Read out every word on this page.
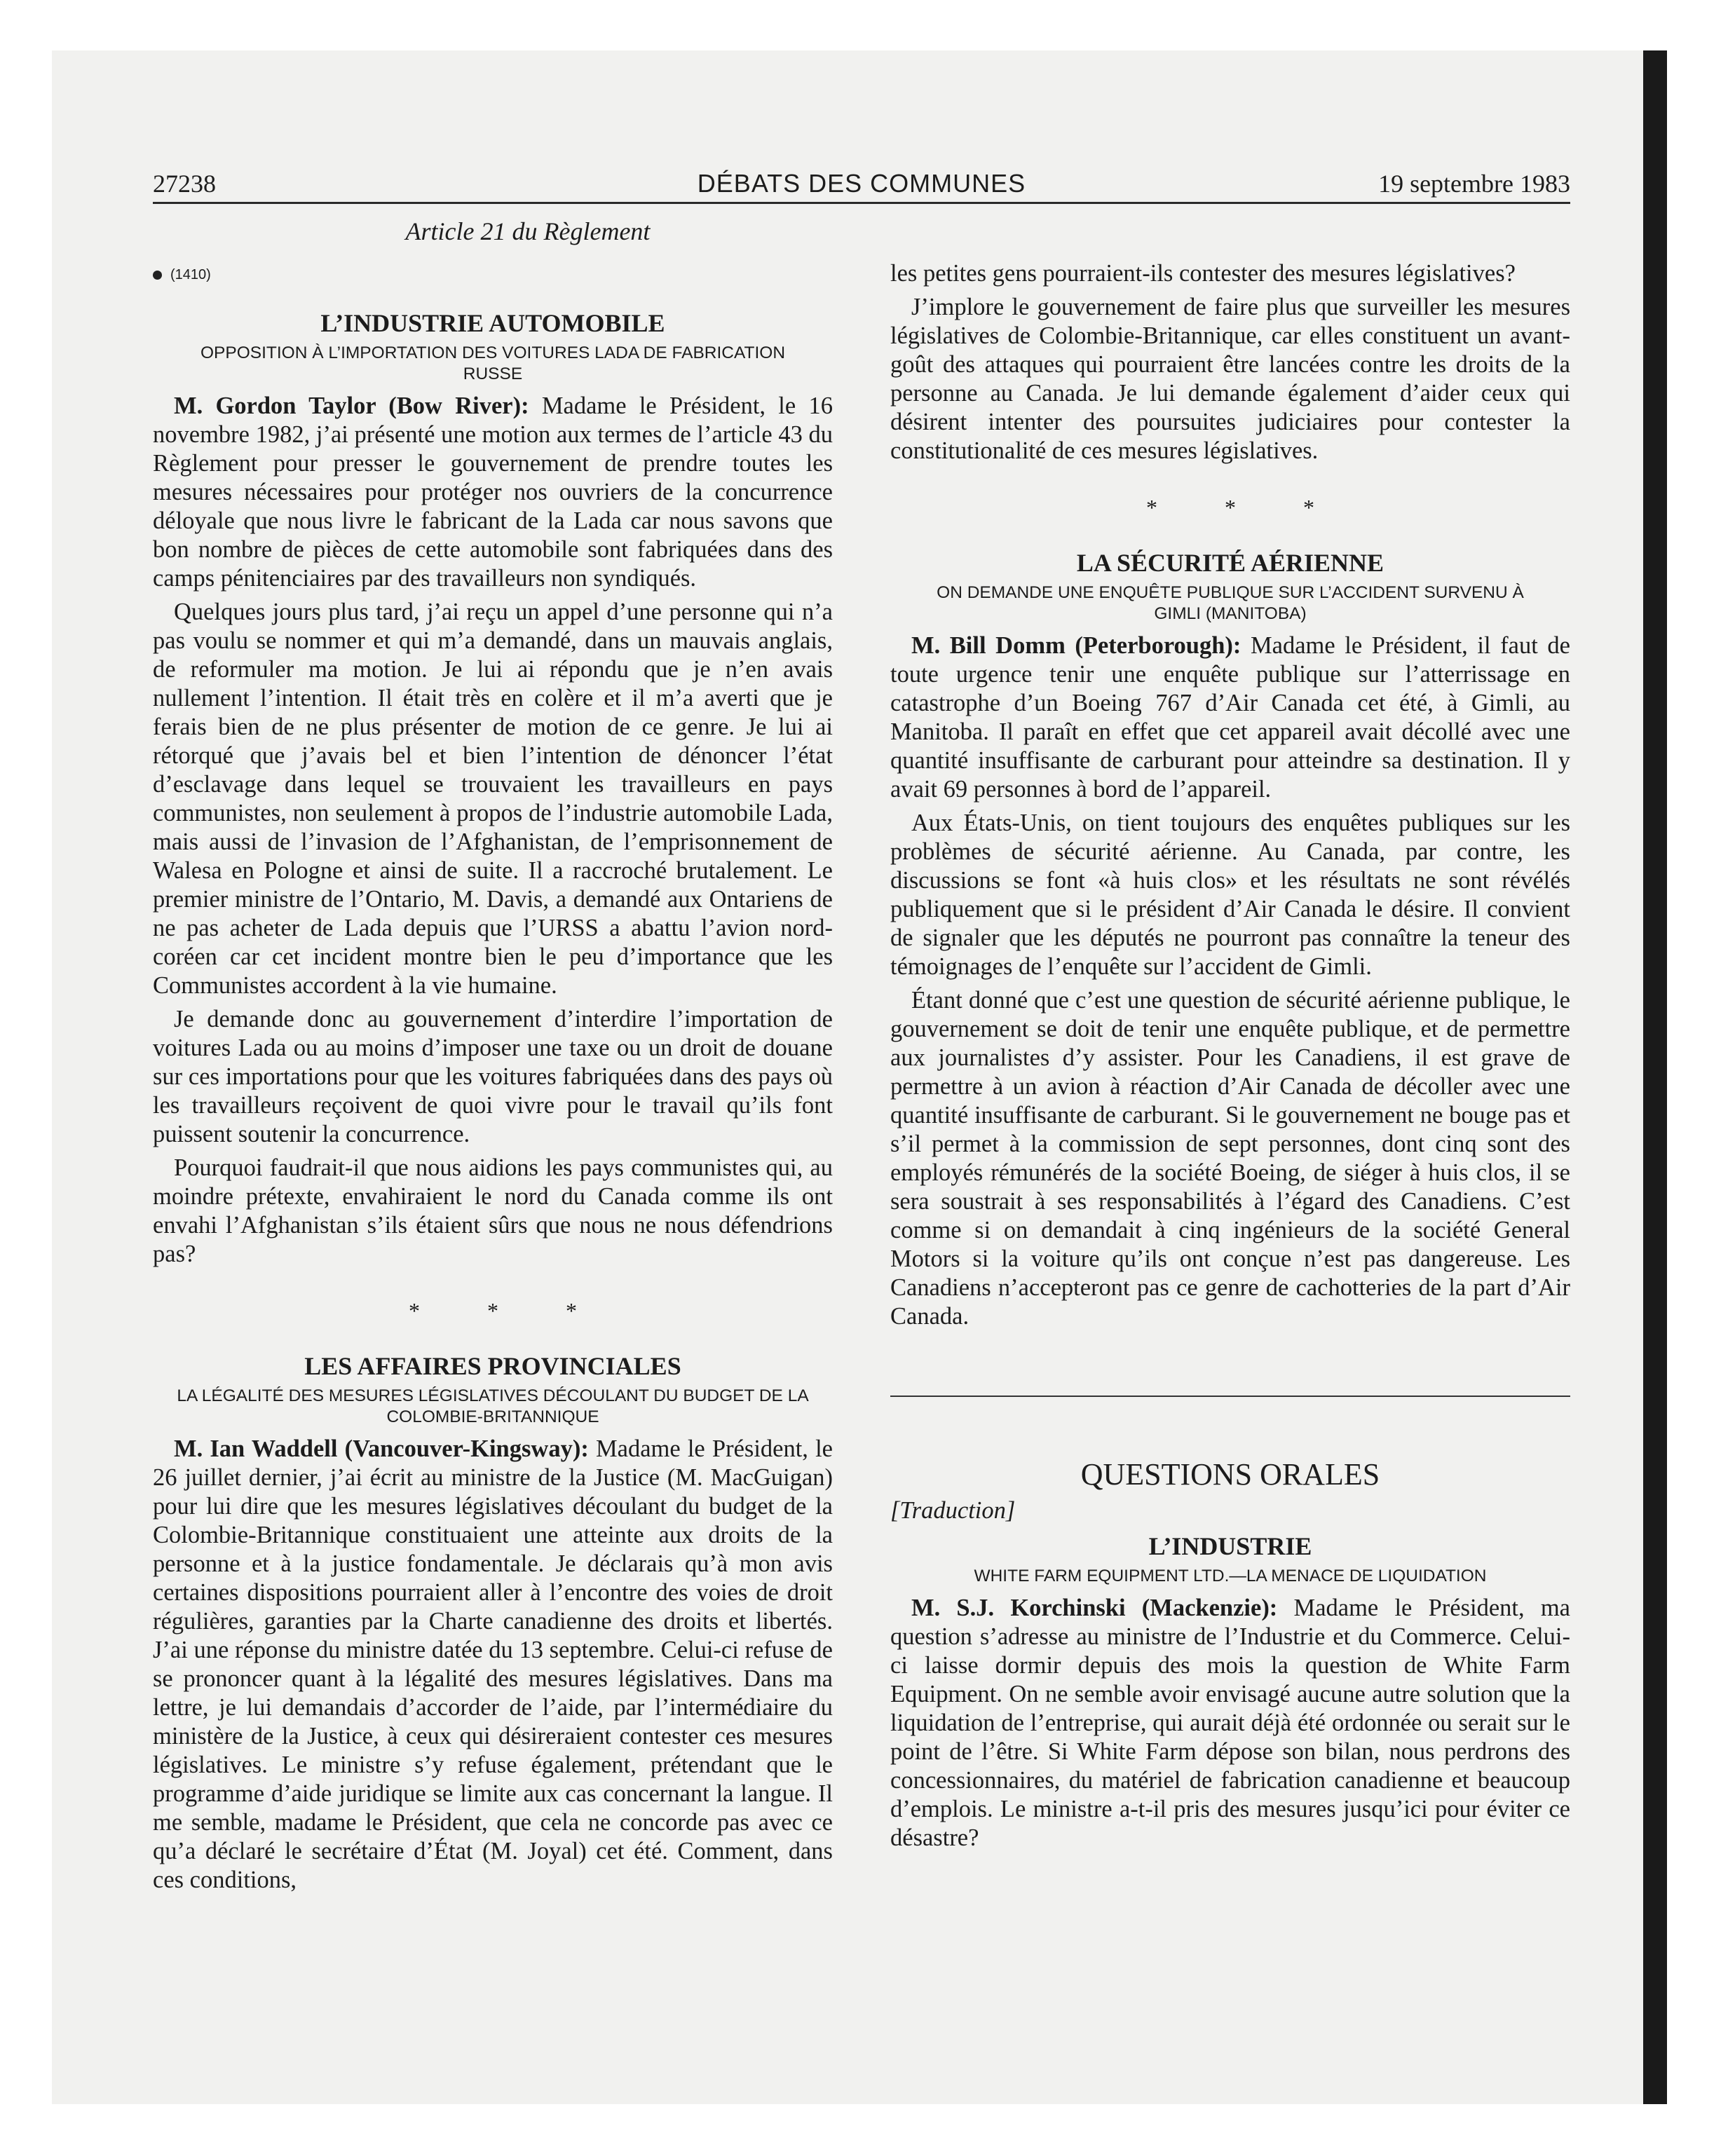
27238	DÉBATS DES COMMUNES	19 septembre 1983
Article 21 du Règlement
(1410)
L’INDUSTRIE AUTOMOBILE
OPPOSITION À L’IMPORTATION DES VOITURES LADA DE FABRICATION RUSSE

M. Gordon Taylor (Bow River): Madame le Président, le 16 novembre 1982, j’ai présenté une motion aux termes de l’article 43 du Règlement pour presser le gouvernement de prendre toutes les mesures nécessaires pour protéger nos ouvriers de la concurrence déloyale que nous livre le fabricant de la Lada car nous savons que bon nombre de pièces de cette automobile sont fabriquées dans des camps pénitenciaires par des travailleurs non syndiqués.

Quelques jours plus tard, j’ai reçu un appel d’une personne qui n’a pas voulu se nommer et qui m’a demandé, dans un mauvais anglais, de reformuler ma motion. Je lui ai répondu que je n’en avais nullement l’intention. Il était très en colère et il m’a averti que je ferais bien de ne plus présenter de motion de ce genre. Je lui ai rétorqué que j’avais bel et bien l’intention de dénoncer l’état d’esclavage dans lequel se trouvaient les travailleurs en pays communistes, non seulement à propos de l’industrie automobile Lada, mais aussi de l’invasion de l’Afghanistan, de l’emprisonnement de Walesa en Pologne et ainsi de suite. Il a raccroché brutalement. Le premier ministre de l’Ontario, M. Davis, a demandé aux Ontariens de ne pas acheter de Lada depuis que l’URSS a abattu l’avion nord-coréen car cet incident montre bien le peu d’importance que les Communistes accordent à la vie humaine.

Je demande donc au gouvernement d’interdire l’importation de voitures Lada ou au moins d’imposer une taxe ou un droit de douane sur ces importations pour que les voitures fabriquées dans des pays où les travailleurs reçoivent de quoi vivre pour le travail qu’ils font puissent soutenir la concurrence.

Pourquoi faudrait-il que nous aidions les pays communistes qui, au moindre prétexte, envahiraient le nord du Canada comme ils ont envahi l’Afghanistan s’ils étaient sûrs que nous ne nous défendrions pas?

* * *
LES AFFAIRES PROVINCIALES
LA LÉGALITÉ DES MESURES LÉGISLATIVES DÉCOULANT DU BUDGET DE LA COLOMBIE-BRITANNIQUE

M. Ian Waddell (Vancouver-Kingsway): Madame le Président, le 26 juillet dernier, j’ai écrit au ministre de la Justice (M. MacGuigan) pour lui dire que les mesures législatives découlant du budget de la Colombie-Britannique constituaient une atteinte aux droits de la personne et à la justice fondamentale. Je déclarais qu’à mon avis certaines dispositions pourraient aller à l’encontre des voies de droit régulières, garanties par la Charte canadienne des droits et libertés. J’ai une réponse du ministre datée du 13 septembre. Celui-ci refuse de se prononcer quant à la légalité des mesures législatives. Dans ma lettre, je lui demandais d’accorder de l’aide, par l’intermédiaire du ministère de la Justice, à ceux qui désireraient contester ces mesures législatives. Le ministre s’y refuse également, prétendant que le programme d’aide juridique se limite aux cas concernant la langue. Il me semble, madame le Président, que cela ne concorde pas avec ce qu’a déclaré le secrétaire d’État (M. Joyal) cet été. Comment, dans ces conditions,

les petites gens pourraient-ils contester des mesures législatives?

J’implore le gouvernement de faire plus que surveiller les mesures législatives de Colombie-Britannique, car elles constituent un avant-goût des attaques qui pourraient être lancées contre les droits de la personne au Canada. Je lui demande également d’aider ceux qui désirent intenter des poursuites judiciaires pour contester la constitutionalité de ces mesures législatives.

* * *
LA SÉCURITÉ AÉRIENNE
ON DEMANDE UNE ENQUÊTE PUBLIQUE SUR L’ACCIDENT SURVENU À GIMLI (MANITOBA)

M. Bill Domm (Peterborough): Madame le Président, il faut de toute urgence tenir une enquête publique sur l’atterrissage en catastrophe d’un Boeing 767 d’Air Canada cet été, à Gimli, au Manitoba. Il paraît en effet que cet appareil avait décollé avec une quantité insuffisante de carburant pour atteindre sa destination. Il y avait 69 personnes à bord de l’appareil.

Aux États-Unis, on tient toujours des enquêtes publiques sur les problèmes de sécurité aérienne. Au Canada, par contre, les discussions se font «à huis clos» et les résultats ne sont révélés publiquement que si le président d’Air Canada le désire. Il convient de signaler que les députés ne pourront pas connaître la teneur des témoignages de l’enquête sur l’accident de Gimli.

Étant donné que c’est une question de sécurité aérienne publique, le gouvernement se doit de tenir une enquête publique, et de permettre aux journalistes d’y assister. Pour les Canadiens, il est grave de permettre à un avion à réaction d’Air Canada de décoller avec une quantité insuffisante de carburant. Si le gouvernement ne bouge pas et s’il permet à la commission de sept personnes, dont cinq sont des employés rémunérés de la société Boeing, de siéger à huis clos, il se sera soustrait à ses responsabilités à l’égard des Canadiens. C’est comme si on demandait à cinq ingénieurs de la société General Motors si la voiture qu’ils ont conçue n’est pas dangereuse. Les Canadiens n’accepteront pas ce genre de cachotteries de la part d’Air Canada.

QUESTIONS ORALES
[Traduction]
L’INDUSTRIE
WHITE FARM EQUIPMENT LTD.—LA MENACE DE LIQUIDATION

M. S.J. Korchinski (Mackenzie): Madame le Président, ma question s’adresse au ministre de l’Industrie et du Commerce. Celui-ci laisse dormir depuis des mois la question de White Farm Equipment. On ne semble avoir envisagé aucune autre solution que la liquidation de l’entreprise, qui aurait déjà été ordonnée ou serait sur le point de l’être. Si White Farm dépose son bilan, nous perdrons des concessionnaires, du matériel de fabrication canadienne et beaucoup d’emplois. Le ministre a-t-il pris des mesures jusqu’ici pour éviter ce désastre?
